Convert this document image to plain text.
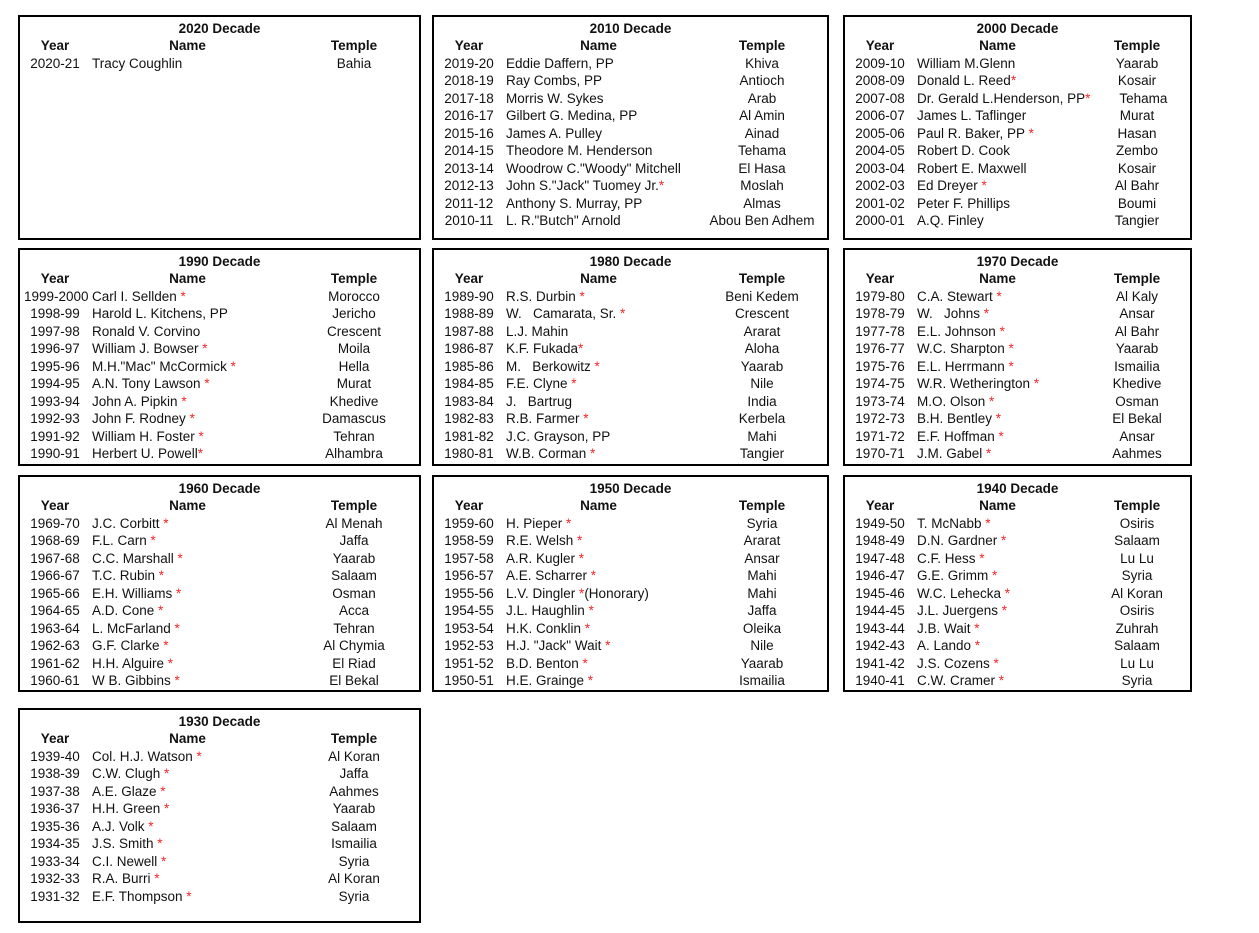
2020 Decade
Year	Name	Temple
2020-21 Tracy Coughlin	Bahia
2010 Decade
Year	Name	Temple
2019-20 Eddie Daffern, PP	Khiva
2018-19 Ray Combs, PP	Antioch
2017-18 Morris W. Sykes	Arab
2016-17 Gilbert G. Medina, PP	Al Amin
2015-16 James A. Pulley	Ainad
2014-15 Theodore M. Henderson	Tehama
2013-14 Woodrow C."Woody" Mitchell	El Hasa
2012-13 John S."Jack" Tuomey Jr.*	Moslah
2011-12 Anthony S. Murray, PP	Almas
2010-11 L. R."Butch" Arnold	Abou Ben Adhem
2000 Decade
Year	Name	Temple
2009-10 William M.Glenn	Yaarab
2008-09 Donald L. Reed*	Kosair
2007-08 Dr. Gerald L.Henderson, PP*	Tehama
2006-07 James L. Taflinger	Murat
2005-06 Paul R. Baker, PP *	Hasan
2004-05 Robert D. Cook	Zembo
2003-04 Robert E. Maxwell	Kosair
2002-03 Ed Dreyer *	Al Bahr
2001-02 Peter F. Phillips	Boumi
2000-01 A.Q. Finley	Tangier
1990 Decade
Year	Name	Temple
1999-2000 Carl I. Sellden *	Morocco
1998-99 Harold L. Kitchens, PP	Jericho
1997-98 Ronald V. Corvino	Crescent
1996-97 William J. Bowser *	Moila
1995-96 M.H."Mac" McCormick *	Hella
1994-95 A.N. Tony Lawson *	Murat
1993-94 John A. Pipkin *	Khedive
1992-93 John F. Rodney *	Damascus
1991-92 William H. Foster *	Tehran
1990-91 Herbert U. Powell*	Alhambra
1980 Decade
Year	Name	Temple
1989-90 R.S. Durbin *	Beni Kedem
1988-89 W.   Camarata, Sr. *	Crescent
1987-88 L.J. Mahin	Ararat
1986-87 K.F. Fukada*	Aloha
1985-86 M.   Berkowitz *	Yaarab
1984-85 F.E. Clyne *	Nile
1983-84 J.   Bartrug	India
1982-83 R.B. Farmer *	Kerbela
1981-82 J.C. Grayson, PP	Mahi
1980-81 W.B. Corman *	Tangier
1970 Decade
Year	Name	Temple
1979-80 C.A. Stewart *	Al Kaly
1978-79 W.   Johns *	Ansar
1977-78 E.L. Johnson *	Al Bahr
1976-77 W.C. Sharpton *	Yaarab
1975-76 E.L. Herrmann *	Ismailia
1974-75 W.R. Wetherington *	Khedive
1973-74 M.O. Olson *	Osman
1972-73 B.H. Bentley *	El Bekal
1971-72 E.F. Hoffman *	Ansar
1970-71 J.M. Gabel *	Aahmes
1960 Decade
Year	Name	Temple
1969-70 J.C. Corbitt *	Al Menah
1968-69 F.L. Carn *	Jaffa
1967-68 C.C. Marshall *	Yaarab
1966-67 T.C. Rubin *	Salaam
1965-66 E.H. Williams *	Osman
1964-65 A.D. Cone *	Acca
1963-64 L. McFarland *	Tehran
1962-63 G.F. Clarke *	Al Chymia
1961-62 H.H. Alguire *	El Riad
1960-61 W B. Gibbins *	El Bekal
1950 Decade
Year	Name	Temple
1959-60 H. Pieper *	Syria
1958-59 R.E. Welsh *	Ararat
1957-58 A.R. Kugler *	Ansar
1956-57 A.E. Scharrer *	Mahi
1955-56 L.V. Dingler *(Honorary)	Mahi
1954-55 J.L. Haughlin *	Jaffa
1953-54 H.K. Conklin *	Oleika
1952-53 H.J. "Jack" Wait *	Nile
1951-52 B.D. Benton *	Yaarab
1950-51 H.E. Grainge *	Ismailia
1940 Decade
Year	Name	Temple
1949-50 T. McNabb *	Osiris
1948-49 D.N. Gardner *	Salaam
1947-48 C.F. Hess *	Lu Lu
1946-47 G.E. Grimm *	Syria
1945-46 W.C. Lehecka *	Al Koran
1944-45 J.L. Juergens *	Osiris
1943-44 J.B. Wait *	Zuhrah
1942-43 A. Lando *	Salaam
1941-42 J.S. Cozens *	Lu Lu
1940-41 C.W. Cramer *	Syria
1930 Decade
Year	Name	Temple
1939-40 Col. H.J. Watson *	Al Koran
1938-39 C.W. Clugh *	Jaffa
1937-38 A.E. Glaze *	Aahmes
1936-37 H.H. Green *	Yaarab
1935-36 A.J. Volk *	Salaam
1934-35 J.S. Smith *	Ismailia
1933-34 C.I. Newell *	Syria
1932-33 R.A. Burri *	Al Koran
1931-32 E.F. Thompson *	Syria
